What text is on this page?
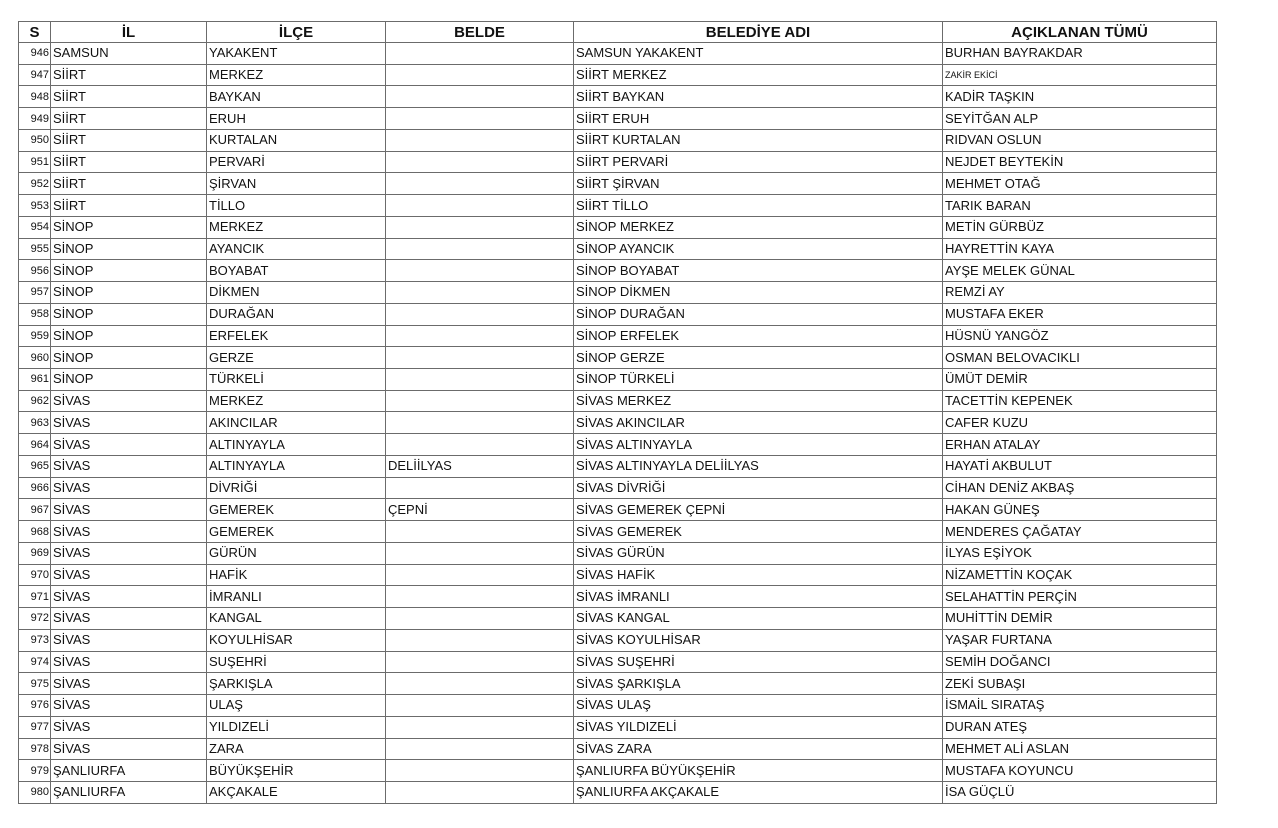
S	İL	İLÇE	BELDE	BELEDİYE ADI	AÇIKLANAN TÜMÜ
946	SAMSUN	YAKAKENT		SAMSUN YAKAKENT	BURHAN BAYRAKDAR
947	SİİRT	MERKEZ		SİİRT MERKEZ	ZAKİR EKİCİ
948	SİİRT	BAYKAN		SİİRT BAYKAN	KADİR TAŞKIN
949	SİİRT	ERUH		SİİRT ERUH	SEYİTĞAN ALP
950	SİİRT	KURTALAN		SİİRT KURTALAN	RIDVAN OSLUN
951	SİİRT	PERVARİ		SİİRT PERVARİ	NEJDET BEYTEKİN
952	SİİRT	ŞİRVAN		SİİRT ŞİRVAN	MEHMET OTAĞ
953	SİİRT	TİLLO		SİİRT TİLLO	TARIK BARAN
954	SİNOP	MERKEZ		SİNOP MERKEZ	METİN GÜRBÜZ
955	SİNOP	AYANCIK		SİNOP AYANCIK	HAYRETTİN KAYA
956	SİNOP	BOYABAT		SİNOP BOYABAT	AYŞE MELEK GÜNAL
957	SİNOP	DİKMEN		SİNOP DİKMEN	REMZİ AY
958	SİNOP	DURAĞAN		SİNOP DURAĞAN	MUSTAFA EKER
959	SİNOP	ERFELEK		SİNOP ERFELEK	HÜSNÜ YANGÖZ
960	SİNOP	GERZE		SİNOP GERZE	OSMAN BELOVACIKLI
961	SİNOP	TÜRKELİ		SİNOP TÜRKELİ	ÜMÜT DEMİR
962	SİVAS	MERKEZ		SİVAS MERKEZ	TACETTİN KEPENEK
963	SİVAS	AKINCILAR		SİVAS AKINCILAR	CAFER KUZU
964	SİVAS	ALTINYAYLA		SİVAS ALTINYAYLA	ERHAN ATALAY
965	SİVAS	ALTINYAYLA	DELİİLYAS	SİVAS ALTINYAYLA DELİİLYAS	HAYATİ AKBULUT
966	SİVAS	DİVRİĞİ		SİVAS DİVRİĞİ	CİHAN DENİZ AKBAŞ
967	SİVAS	GEMEREK	ÇEPNİ	SİVAS GEMEREK ÇEPNİ	HAKAN GÜNEŞ
968	SİVAS	GEMEREK		SİVAS GEMEREK	MENDERES ÇAĞATAY
969	SİVAS	GÜRÜN		SİVAS GÜRÜN	İLYAS EŞİYOK
970	SİVAS	HAFİK		SİVAS HAFİK	NİZAMETTİN KOÇAK
971	SİVAS	İMRANLI		SİVAS İMRANLI	SELAHATTİN PERÇİN
972	SİVAS	KANGAL		SİVAS KANGAL	MUHİTTİN DEMİR
973	SİVAS	KOYULHİSAR		SİVAS KOYULHİSAR	YAŞAR FURTANA
974	SİVAS	SUŞEHRİ		SİVAS SUŞEHRİ	SEMİH DOĞANCI
975	SİVAS	ŞARKIŞLA		SİVAS ŞARKIŞLA	ZEKİ SUBAŞI
976	SİVAS	ULAŞ		SİVAS ULAŞ	İSMAİL SIRATAŞ
977	SİVAS	YILDIZELİ		SİVAS YILDIZELİ	DURAN ATEŞ
978	SİVAS	ZARA		SİVAS ZARA	MEHMET ALİ ASLAN
979	ŞANLIURFA	BÜYÜKŞEHİR		ŞANLIURFA BÜYÜKŞEHİR	MUSTAFA KOYUNCU
980	ŞANLIURFA	AKÇAKALE		ŞANLIURFA AKÇAKALE	İSA GÜÇLÜ
